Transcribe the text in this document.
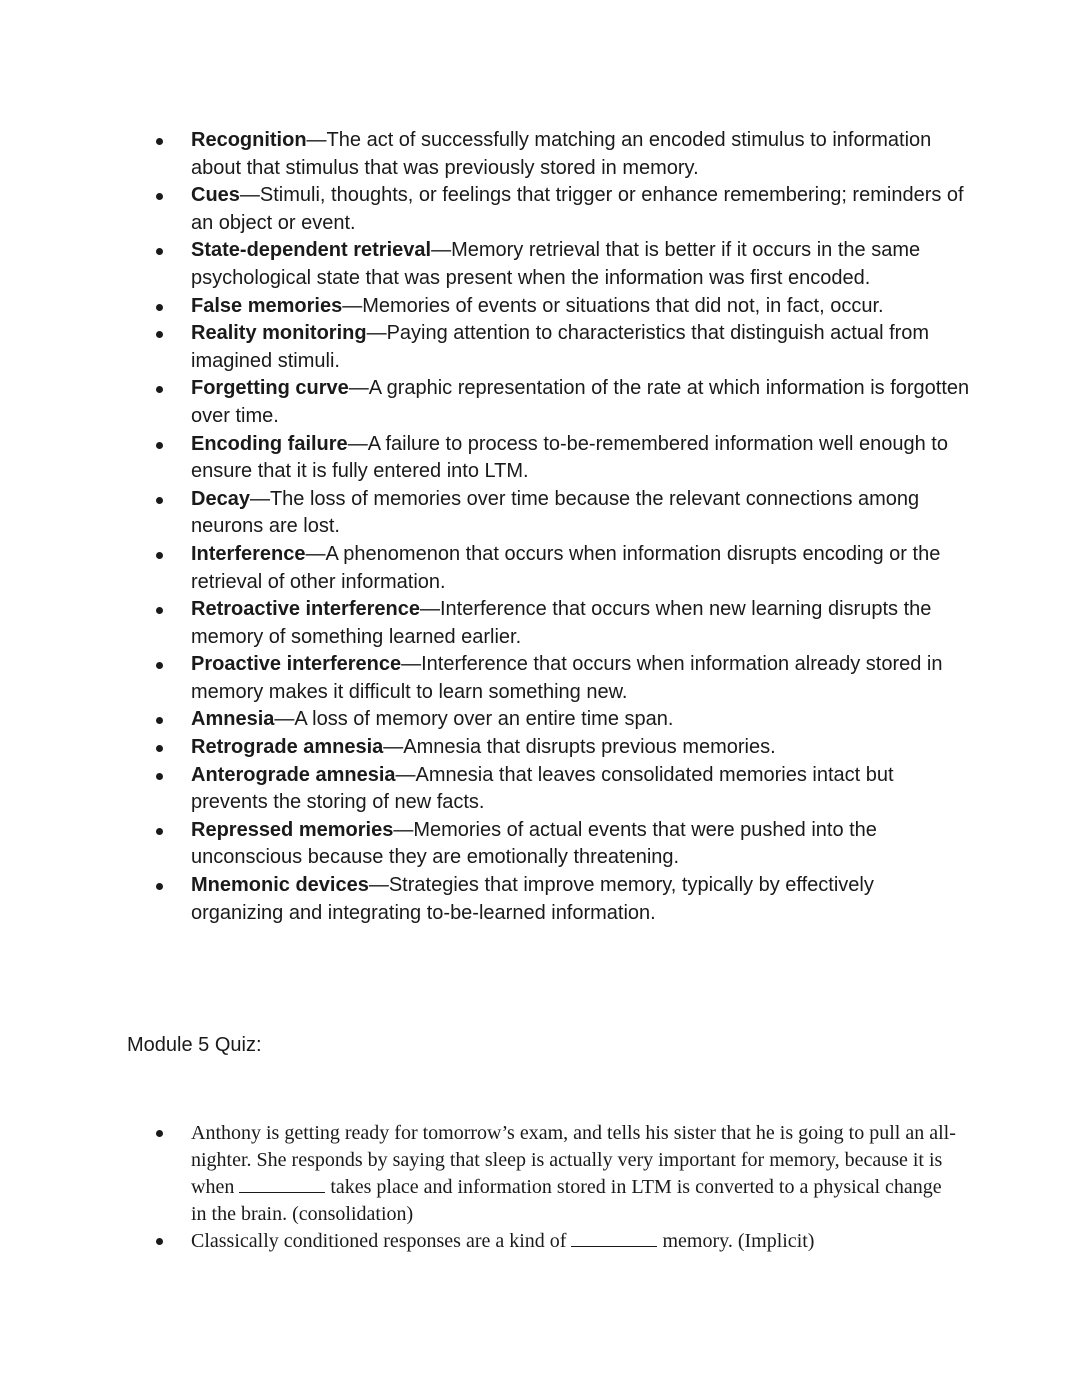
Recognition—The act of successfully matching an encoded stimulus to information about that stimulus that was previously stored in memory.
Cues—Stimuli, thoughts, or feelings that trigger or enhance remembering; reminders of an object or event.
State-dependent retrieval—Memory retrieval that is better if it occurs in the same psychological state that was present when the information was first encoded.
False memories—Memories of events or situations that did not, in fact, occur.
Reality monitoring—Paying attention to characteristics that distinguish actual from imagined stimuli.
Forgetting curve—A graphic representation of the rate at which information is forgotten over time.
Encoding failure—A failure to process to-be-remembered information well enough to ensure that it is fully entered into LTM.
Decay—The loss of memories over time because the relevant connections among neurons are lost.
Interference—A phenomenon that occurs when information disrupts encoding or the retrieval of other information.
Retroactive interference—Interference that occurs when new learning disrupts the memory of something learned earlier.
Proactive interference—Interference that occurs when information already stored in memory makes it difficult to learn something new.
Amnesia—A loss of memory over an entire time span.
Retrograde amnesia—Amnesia that disrupts previous memories.
Anterograde amnesia—Amnesia that leaves consolidated memories intact but prevents the storing of new facts.
Repressed memories—Memories of actual events that were pushed into the unconscious because they are emotionally threatening.
Mnemonic devices—Strategies that improve memory, typically by effectively organizing and integrating to-be-learned information.
Module 5 Quiz:
Anthony is getting ready for tomorrow’s exam, and tells his sister that he is going to pull an all-nighter. She responds by saying that sleep is actually very important for memory, because it is when	takes place and information stored in LTM is converted to a physical change in the brain. (consolidation)
Classically conditioned responses are a kind of	memory. (Implicit)
